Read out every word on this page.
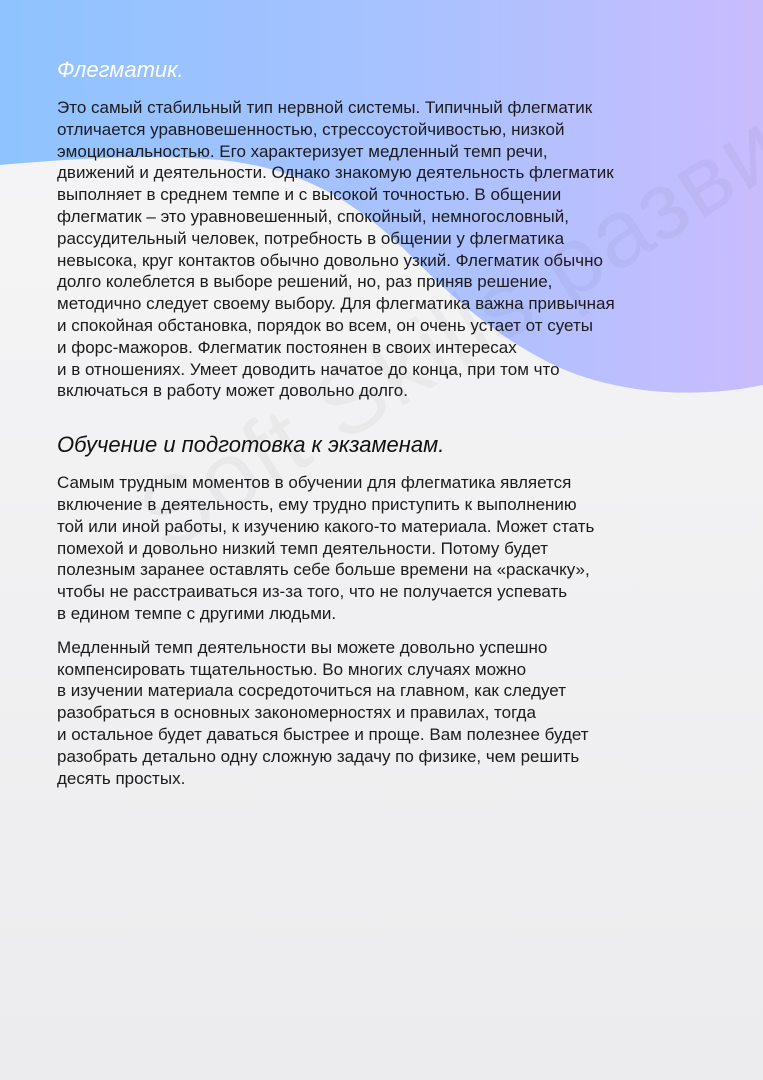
Флегматик.

Это самый стабильный тип нервной системы. Типичный флегматик
отличается уравновешенностью, стрессоустойчивостью, низкой
эмоциональностью. Его характеризует медленный темп речи,
движений и деятельности. Однако знакомую деятельность флегматик
выполняет в среднем темпе и с высокой точностью. В общении
флегматик – это уравновешенный, спокойный, немногословный,
рассудительный человек, потребность в общении у флегматика
невысока, круг контактов обычно довольно узкий. Флегматик обычно
долго колеблется в выборе решений, но, раз приняв решение,
методично следует своему выбору. Для флегматика важна привычная
и спокойная обстановка, порядок во всем, он очень устает от суеты
и форс-мажоров. Флегматик постоянен в своих интересах
и в отношениях. Умеет доводить начатое до конца, при том что
включаться в работу может довольно долго.

Обучение и подготовка к экзаменам.

Самым трудным моментов в обучении для флегматика является
включение в деятельность, ему трудно приступить к выполнению
той или иной работы, к изучению какого-то материала. Может стать
помехой и довольно низкий темп деятельности. Потому будет
полезным заранее оставлять себе больше времени на «раскачку»,
чтобы не расстраиваться из-за того, что не получается успевать
в едином темпе с другими людьми.

Медленный темп деятельности вы можете довольно успешно
компенсировать тщательностью. Во многих случаях можно
в изучении материала сосредоточиться на главном, как следует
разобраться в основных закономерностях и правилах, тогда
и остальное будет даваться быстрее и проще. Вам полезнее будет
разобрать детально одну сложную задачу по физике, чем решить
десять простых.
